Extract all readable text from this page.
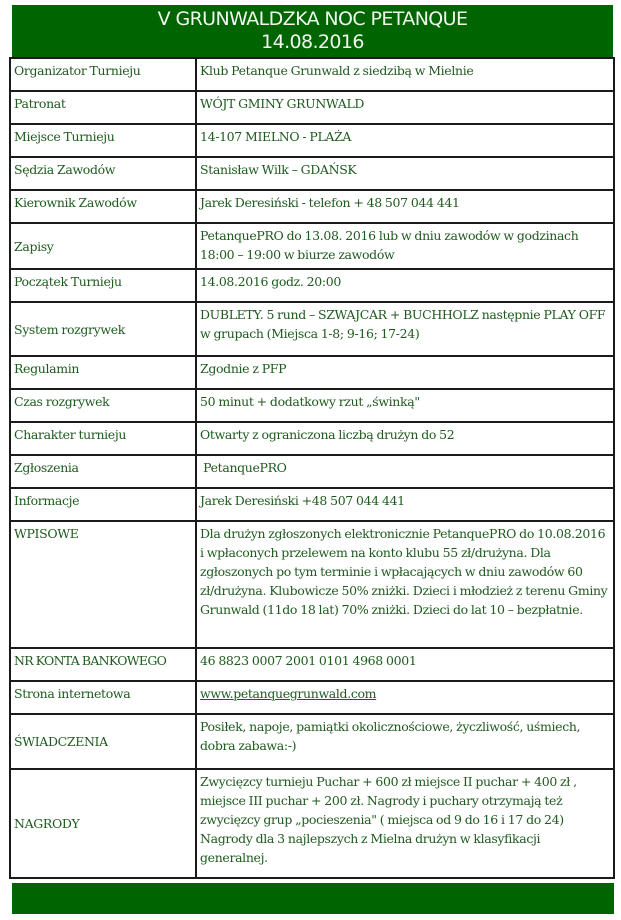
V GRUNWALDZKA NOC PETANQUE
14.08.2016
Organizator Turnieju	Klub Petanque Grunwald z siedzibą w Mielnie
Patronat	WÓJT GMINY GRUNWALD
Miejsce Turnieju	14-107 MIELNO - PLAŻA
Sędzia Zawodów	Stanisław Wilk – GDAŃSK
Kierownik Zawodów	Jarek Deresiński - telefon + 48 507 044 441
Zapisy	PetanquePRO do 13.08. 2016 lub w dniu zawodów w godzinach 18:00 – 19:00 w biurze zawodów
Początek Turnieju	14.08.2016 godz. 20:00
System rozgrywek	DUBLETY. 5 rund – SZWAJCAR + BUCHHOLZ następnie PLAY OFF w grupach (Miejsca 1-8; 9-16; 17-24)
Regulamin	Zgodnie z PFP
Czas rozgrywek	50 minut + dodatkowy rzut „świnką"
Charakter turnieju	Otwarty z ograniczona liczbą drużyn do 52
Zgłoszenia	PetanquePRO
Informacje	Jarek Deresiński +48 507 044 441
WPISOWE	Dla drużyn zgłoszonych elektronicznie PetanquePRO do 10.08.2016 i wpłaconych przelewem na konto klubu 55 zł/drużyna. Dla zgłoszonych po tym terminie i wpłacających w dniu zawodów 60 zł/drużyna. Klubowicze 50% zniżki. Dzieci i młodzież z terenu Gminy Grunwald (11do 18 lat) 70% zniżki. Dzieci do lat 10 – bezpłatnie.
NR KONTA BANKOWEGO	46 8823 0007 2001 0101 4968 0001
Strona internetowa	www.petanquegrunwald.com
ŚWIADCZENIA	Posiłek, napoje, pamiątki okolicznościowe, życzliwość, uśmiech, dobra zabawa:-)
NAGRODY	Zwycięzcy turnieju Puchar + 600 zł miejsce II puchar + 400 zł , miejsce III puchar + 200 zł. Nagrody i puchary otrzymają też zwycięzcy grup „pocieszenia" ( miejsca od 9 do 16 i 17 do 24) Nagrody dla 3 najlepszych z Mielna drużyn w klasyfikacji generalnej.
